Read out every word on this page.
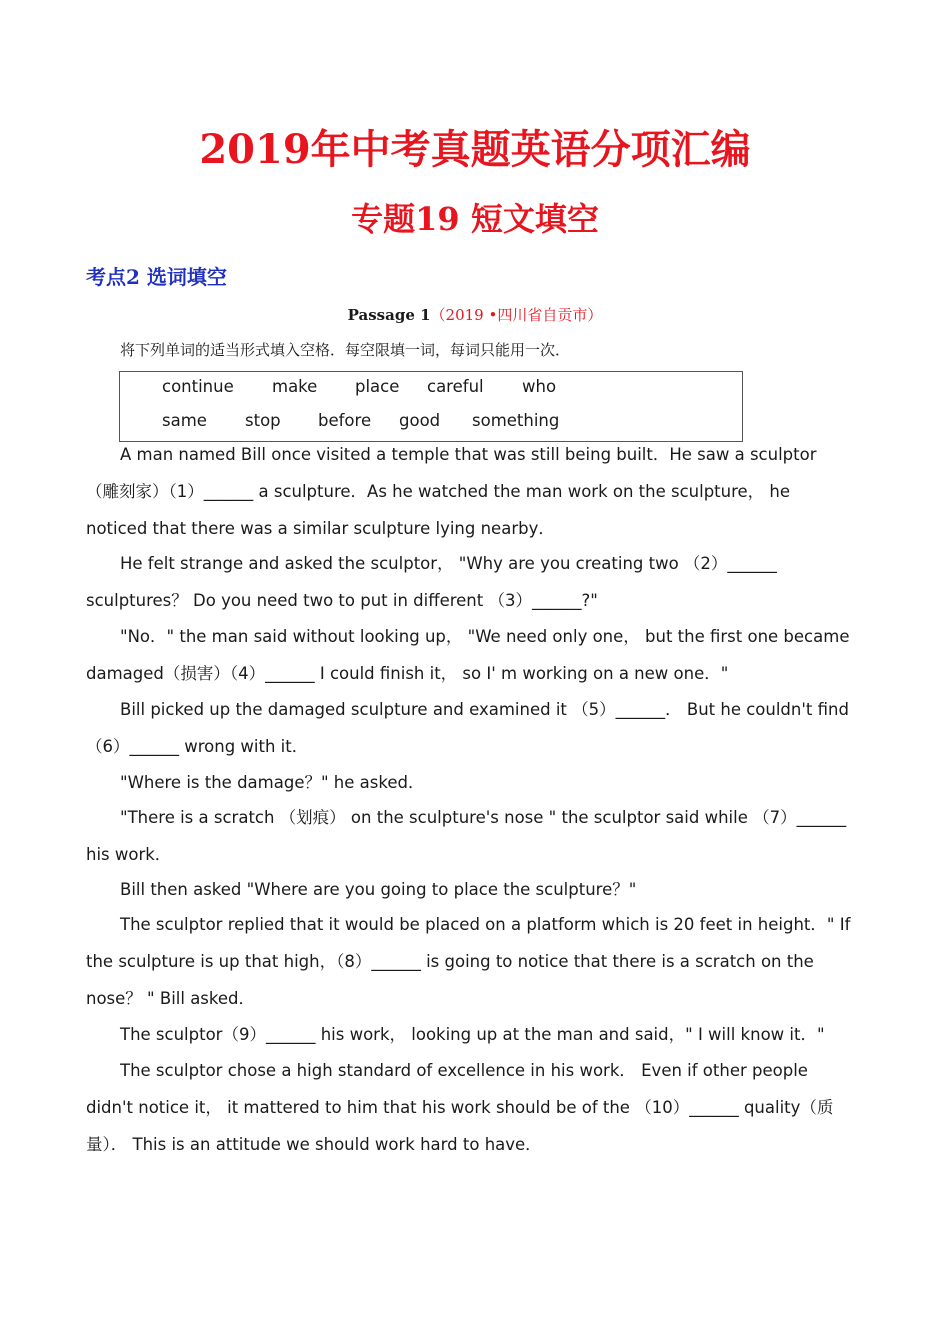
2019年中考真题英语分项汇编
专题19 短文填空
考点2 选词填空
Passage 1（2019 •四川省自贡市）
将下列单词的适当形式填入空格．每空限填一词，每词只能用一次．
continue make place careful who
same stop before good something
A man named Bill once visited a temple that was still being built．He saw a sculptor
（雕刻家）（1）______ a sculpture．As he watched the man work on the sculpture， he
noticed that there was a similar sculpture lying nearby．
He felt strange and asked the sculptor， "Why are you creating two （2）______
sculptures？ Do you need two to put in different （3）______?"
"No．" the man said without looking up， "We need only one， but the first one became
damaged（损害）（4）______ I could finish it， so I' m working on a new one．"
Bill picked up the damaged sculpture and examined it （5）______． But he couldn't find
（6）______ wrong with it．
"Where is the damage？" he asked．
"There is a scratch （划痕） on the sculpture's nose " the sculptor said while （7）______
his work．
Bill then asked "Where are you going to place the sculpture？"
The sculptor replied that it would be placed on a platform which is 20 feet in height．" If
the sculpture is up that high，（8）______ is going to notice that there is a scratch on the
nose？ " Bill asked．
The sculptor（9）______ his work， looking up at the man and said，" I will know it．"
The sculptor chose a high standard of excellence in his work． Even if other people
didn't notice it， it mattered to him that his work should be of the （10）______ quality（质
量）． This is an attitude we should work hard to have．
